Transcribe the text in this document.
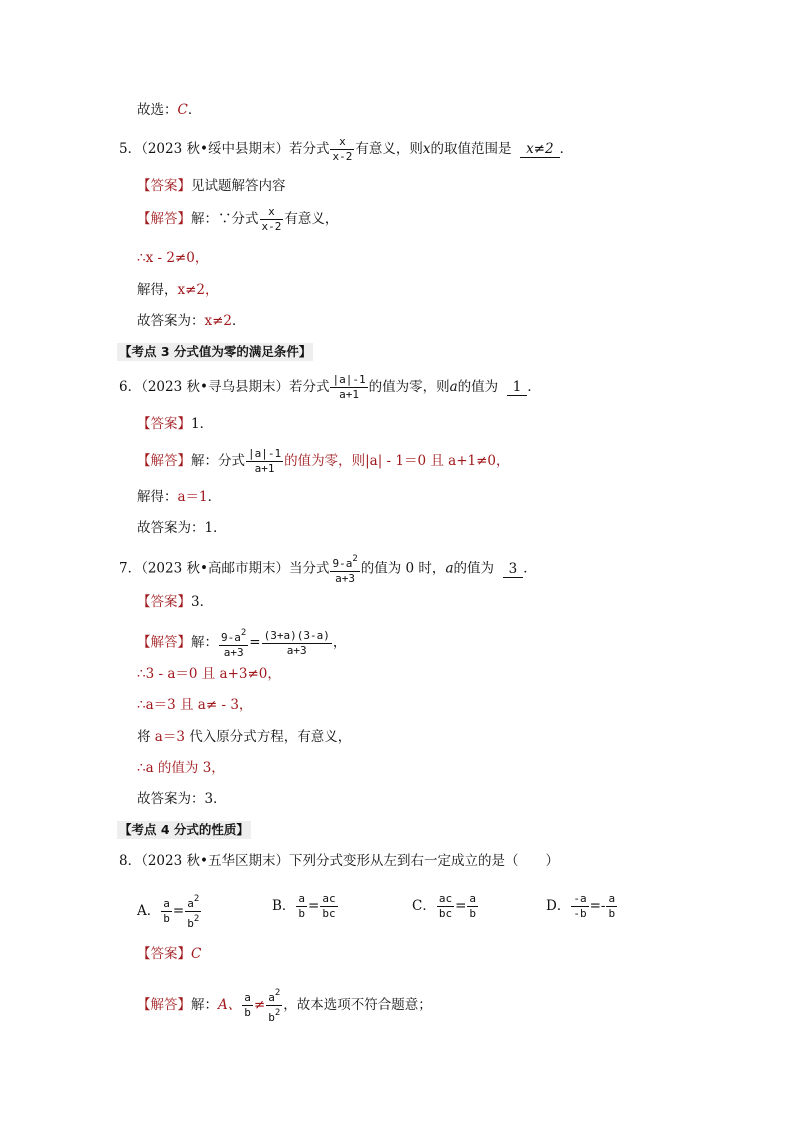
故选：C．
5．（2023 秋•绥中县期末）若分式 $\frac{x}{x-2}$ 有意义，则x的取值范围是 x≠2 ．
【答案】见试题解答内容
【解答】解：∵分式 $\frac{x}{x-2}$ 有意义，
∴x - 2≠0，
解得，x≠2，
故答案为：x≠2．
【考点 3 分式值为零的满足条件】
6．（2023 秋•寻乌县期末）若分式 $\frac{|a|-1}{a+1}$ 的值为零，则a的值为 1 ．
【答案】1．
【解答】解：分式 $\frac{|a|-1}{a+1}$ 的值为零，则|a| - 1＝0 且 a+1≠0，
解得：a＝1．
故答案为：1．
7．（2023 秋•高邮市期末）当分式 $\frac{9-a^2}{a+3}$ 的值为 0 时，a的值为 3 ．
【答案】3．
【解答】解： $\frac{9-a^2}{a+3} = \frac{(3+a)(3-a)}{a+3}$ ，
∴3 - a＝0 且 a+3≠0，
∴a＝3 且 a≠ - 3，
将 a＝3 代入原分式方程，有意义，
∴a 的值为 3，
故答案为：3．
【考点 4 分式的性质】
8．（2023 秋•五华区期末）下列分式变形从左到右一定成立的是（　　）
A． $\frac{a}{b} = \frac{a^2}{b^2}$	B． $\frac{a}{b} = \frac{ac}{bc}$	C． $\frac{ac}{bc} = \frac{a}{b}$	D． $\frac{-a}{-b} =- \frac{a}{b}$
【答案】C
【解答】解：A、 $\frac{a}{b} \ne \frac{a^2}{b^2}$ ，故本选项不符合题意；
